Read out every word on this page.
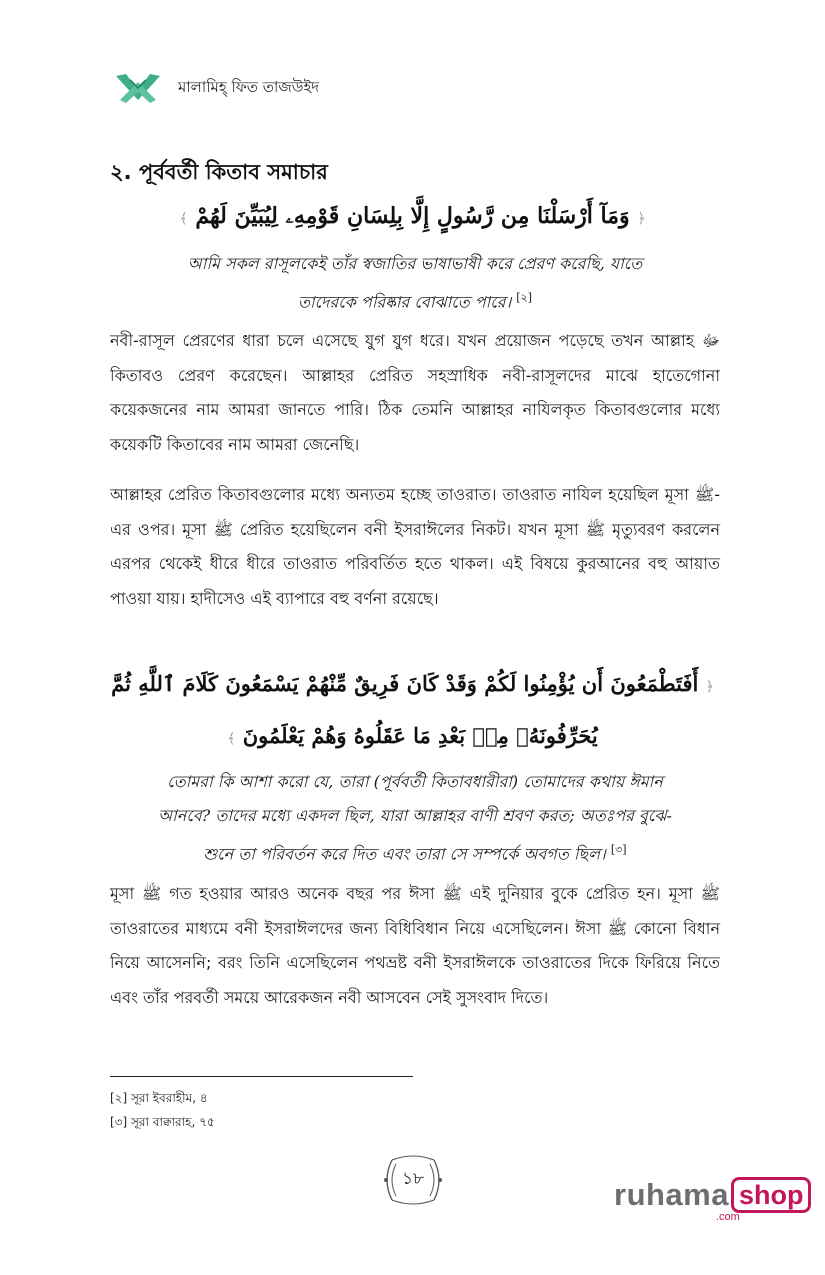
মালামিহ্ ফিত তাজউইদ
২. পূর্ববর্তী কিতাব সমাচার
﴿ وَمَآ أَرْسَلْنَا مِن رَّسُولٍ إِلَّا بِلِسَانِ قَوْمِهِۦ لِيُبَيِّنَ لَهُمْ ﴾
আমি সকল রাসূলকেই তাঁর স্বজাতির ভাষাভাষী করে প্রেরণ করেছি, যাতে
তাদেরকে পরিষ্কার বোঝাতে পারে। [২]
নবী-রাসূল প্রেরণের ধারা চলে এসেছে যুগ যুগ ধরে। যখন প্রয়োজন পড়েছে তখন আল্লাহ ﷻ কিতাবও প্রেরণ করেছেন। আল্লাহর প্রেরিত সহস্রাধিক নবী-রাসূলদের মাঝে হাতেগোনা কয়েকজনের নাম আমরা জানতে পারি। ঠিক তেমনি আল্লাহর নাযিলকৃত কিতাবগুলোর মধ্যে কয়েকটি কিতাবের নাম আমরা জেনেছি।
আল্লাহর প্রেরিত কিতাবগুলোর মধ্যে অন্যতম হচ্ছে তাওরাত। তাওরাত নাযিল হয়েছিল মূসা ﷺ-এর ওপর। মূসা ﷺ প্রেরিত হয়েছিলেন বনী ইসরাঈলের নিকট। যখন মূসা ﷺ মৃত্যুবরণ করলেন এরপর থেকেই ধীরে ধীরে তাওরাত পরিবর্তিত হতে থাকল। এই বিষয়ে কুরআনের বহু আয়াত পাওয়া যায়। হাদীসেও এই ব্যাপারে বহু বর্ণনা রয়েছে।
﴿ أَفَتَطْمَعُونَ أَن يُؤْمِنُوا لَكُمْ وَقَدْ كَانَ فَرِيقٌ مِّنْهُمْ يَسْمَعُونَ كَلَامَ ٱللَّهِ ثُمَّ
يُحَرِّفُونَهُۥ مِنۢ بَعْدِ مَا عَقَلُوهُ وَهُمْ يَعْلَمُونَ ﴾
তোমরা কি আশা করো যে, তারা (পূর্ববর্তী কিতাবধারীরা) তোমাদের কথায় ঈমান
আনবে? তাদের মধ্যে একদল ছিল, যারা আল্লাহর বাণী শ্রবণ করত; অতঃপর বুঝে-
শুনে তা পরিবর্তন করে দিত এবং তারা সে সম্পর্কে অবগত ছিল। [৩]
মূসা ﷺ গত হওয়ার আরও অনেক বছর পর ঈসা ﷺ এই দুনিয়ার বুকে প্রেরিত হন। মূসা ﷺ তাওরাতের মাধ্যমে বনী ইসরাঈলদের জন্য বিধিবিধান নিয়ে এসেছিলেন। ঈসা ﷺ কোনো বিধান নিয়ে আসেননি; বরং তিনি এসেছিলেন পথভ্রষ্ট বনী ইসরাঈলকে তাওরাতের দিকে ফিরিয়ে নিতে এবং তাঁর পরবর্তী সময়ে আরেকজন নবী আসবেন সেই সুসংবাদ দিতে।
[২] সূরা ইবরাহীম, ৪
[৩] সূরা বাক্বারাহ, ৭৫
১৮	ruhama shop
.com
